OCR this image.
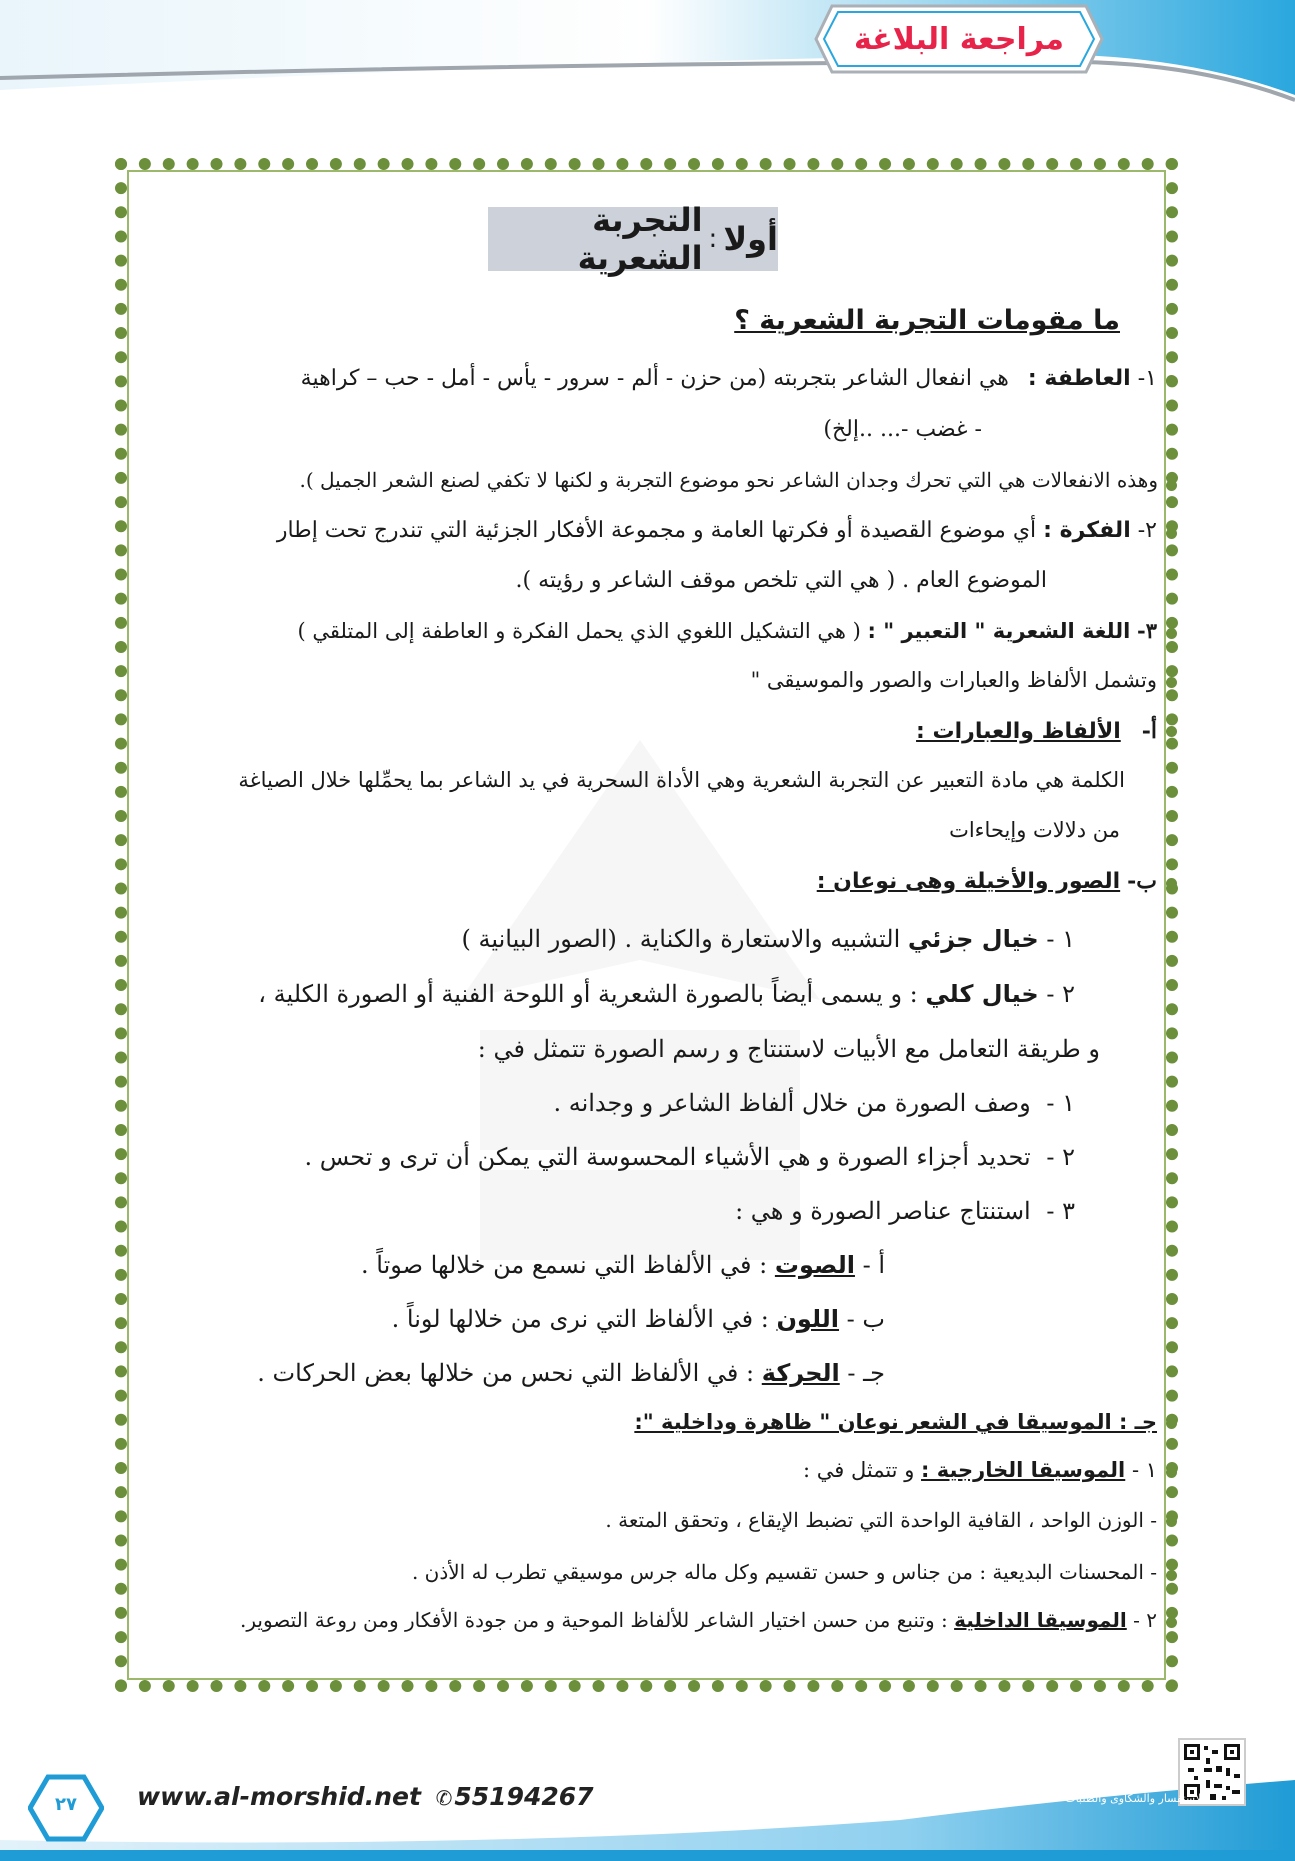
مراجعة البلاغة
أولا
:
التجربة الشعرية
ما مقومات التجربة الشعرية ؟
١- العاطفة : هي انفعال الشاعر بتجربته (من حزن - ألم - سرور - يأس - أمل - حب – كراهية
- غضب -... ..إلخ)
وهذه الانفعالات هي التي تحرك وجدان الشاعر نحو موضوع التجربة و لكنها لا تكفي لصنع الشعر الجميل ).
٢- الفكرة : أي موضوع القصيدة أو فكرتها العامة و مجموعة الأفكار الجزئية التي تندرج تحت إطار
الموضوع العام . ( هي التي تلخص موقف الشاعر و رؤيته ).
٣- اللغة الشعرية " التعبير " : ( هي التشكيل اللغوي الذي يحمل الفكرة و العاطفة إلى المتلقي )
وتشمل الألفاظ والعبارات والصور والموسيقى "
أ- الألفاظ والعبارات :
الكلمة هي مادة التعبير عن التجربة الشعرية وهي الأداة السحرية في يد الشاعر بما يحمِّلها خلال الصياغة
من دلالات وإيحاءات
ب- الصور والأخيلة وهى نوعان :
١ - خيال جزئي التشبيه والاستعارة والكناية . (الصور البيانية )
٢ - خيال كلي : و يسمى أيضاً بالصورة الشعرية أو اللوحة الفنية أو الصورة الكلية ،
و طريقة التعامل مع الأبيات لاستنتاج و رسم الصورة تتمثل في :
١ - وصف الصورة من خلال ألفاظ الشاعر و وجدانه .
٢ - تحديد أجزاء الصورة و هي الأشياء المحسوسة التي يمكن أن ترى و تحس .
٣ - استنتاج عناصر الصورة و هي :
أ - الصوت : في الألفاظ التي نسمع من خلالها صوتاً .
ب - اللون : في الألفاظ التي نرى من خلالها لوناً .
جـ - الحركة : في الألفاظ التي نحس من خلالها بعض الحركات .
جـ : الموسيقا في الشعر نوعان " ظاهرة وداخلية ":
١ - الموسيقا الخارجية : و تتمثل في :
- الوزن الواحد ، القافية الواحدة التي تضبط الإيقاع ، وتحقق المتعة .
- المحسنات البديعية : من جناس و حسن تقسيم وكل ماله جرس موسيقي تطرب له الأذن .
٢ - الموسيقا الداخلية : وتنبع من حسن اختيار الشاعر للألفاظ الموحية و من جودة الأفكار ومن روعة التصوير.
٢٧	www.al-morshid.net ✆55194267	للاستفسار والشكاوى والطلبات
